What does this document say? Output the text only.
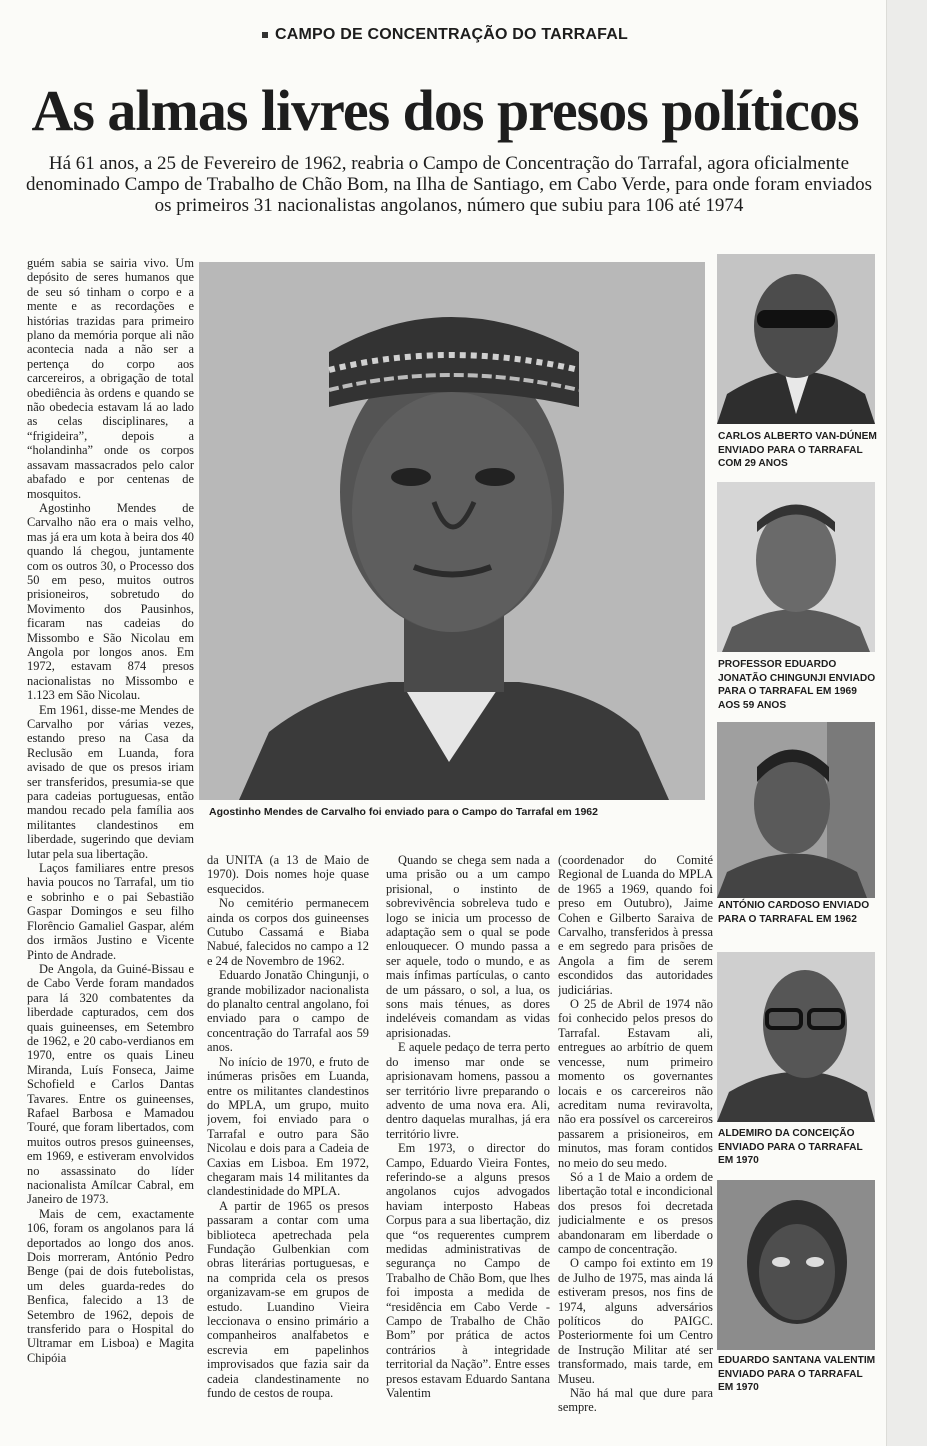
CAMPO DE CONCENTRAÇÃO DO TARRAFAL
As almas livres dos presos políticos
Há 61 anos, a 25 de Fevereiro de 1962, reabria o Campo de Concentração do Tarrafal, agora oficialmente denominado Campo de Trabalho de Chão Bom, na Ilha de Santiago, em Cabo Verde, para onde foram enviados os primeiros 31 nacionalistas angolanos, número que subiu para 106 até 1974

guém sabia se sairia vivo. Um depósito de seres humanos que de seu só tinham o corpo e a mente e as recordações e histórias trazidas para primeiro plano da memória porque ali não acontecia nada a não ser a pertença do corpo aos carcereiros, a obrigação de total obediência às ordens e quando se não obedecia estavam lá ao lado as celas disciplinares, a “frigideira”, depois a “holandinha” onde os corpos assavam massacrados pelo calor abafado e por centenas de mosquitos.

Agostinho Mendes de Carvalho não era o mais velho, mas já era um kota à beira dos 40 quando lá chegou, juntamente com os outros 30, o Processo dos 50 em peso, muitos outros prisioneiros, sobretudo do Movimento dos Pausinhos, ficaram nas cadeias do Missombo e São Nicolau em Angola por longos anos. Em 1972, estavam 874 presos nacionalistas no Missombo e 1.123 em São Nicolau.

Em 1961, disse-me Mendes de Carvalho por várias vezes, estando preso na Casa da Reclusão em Luanda, fora avisado de que os presos iriam ser transferidos, presumia-se que para cadeias portuguesas, então mandou recado pela família aos militantes clandestinos em liberdade, sugerindo que deviam lutar pela sua libertação.

Laços familiares entre presos havia poucos no Tarrafal, um tio e sobrinho e o pai Sebastião Gaspar Domingos e seu filho Florêncio Gamaliel Gaspar, além dos irmãos Justino e Vicente Pinto de Andrade.

De Angola, da Guiné-Bissau e de Cabo Verde foram mandados para lá 320 combatentes da liberdade capturados, cem dos quais guineenses, em Setembro de 1962, e 20 cabo-verdianos em 1970, entre os quais Lineu Miranda, Luís Fonseca, Jaime Schofield e Carlos Dantas Tavares. Entre os guineenses, Rafael Barbosa e Mamadou Touré, que foram libertados, com muitos outros presos guineenses, em 1969, e estiveram envolvidos no assassinato do líder nacionalista Amílcar Cabral, em Janeiro de 1973.

Mais de cem, exactamente 106, foram os angolanos para lá deportados ao longo dos anos. Dois morreram, António Pedro Benge (pai de dois futebolistas, um deles guarda-redes do Benfica, falecido a 13 de Setembro de 1962, depois de transferido para o Hospital do Ultramar em Lisboa) e Magita Chipóia

Agostinho Mendes de Carvalho foi enviado para o Campo do Tarrafal em 1962

da UNITA (a 13 de Maio de 1970). Dois nomes hoje quase esquecidos.

No cemitério permanecem ainda os corpos dos guineenses Cutubo Cassamá e Biaba Nabué, falecidos no campo a 12 e 24 de Novembro de 1962.

Eduardo Jonatão Chingunji, o grande mobilizador nacionalista do planalto central angolano, foi enviado para o campo de concentração do Tarrafal aos 59 anos.

No início de 1970, e fruto de inúmeras prisões em Luanda, entre os militantes clandestinos do MPLA, um grupo, muito jovem, foi enviado para o Tarrafal e outro para São Nicolau e dois para a Cadeia de Caxias em Lisboa. Em 1972, chegaram mais 14 militantes da clandestinidade do MPLA.

A partir de 1965 os presos passaram a contar com uma biblioteca apetrechada pela Fundação Gulbenkian com obras literárias portuguesas, e na comprida cela os presos organizavam-se em grupos de estudo. Luandino Vieira leccionava o ensino primário a companheiros analfabetos e escrevia em papelinhos improvisados que fazia sair da cadeia clandestinamente no fundo de cestos de roupa.

Quando se chega sem nada a uma prisão ou a um campo prisional, o instinto de sobrevivência sobreleva tudo e logo se inicia um processo de adaptação sem o qual se pode enlouquecer. O mundo passa a ser aquele, todo o mundo, e as mais ínfimas partículas, o canto de um pássaro, o sol, a lua, os sons mais ténues, as dores indeléveis comandam as vidas aprisionadas.

E aquele pedaço de terra perto do imenso mar onde se aprisionavam homens, passou a ser território livre preparando o advento de uma nova era. Ali, dentro daquelas muralhas, já era território livre.

Em 1973, o director do Campo, Eduardo Vieira Fontes, referindo-se a alguns presos angolanos cujos advogados haviam interposto Habeas Corpus para a sua libertação, diz que “os requerentes cumprem medidas administrativas de segurança no Campo de Trabalho de Chão Bom, que lhes foi imposta a medida de “residência em Cabo Verde - Campo de Trabalho de Chão Bom” por prática de actos contrários à integridade territorial da Nação”. Entre esses presos estavam Eduardo Santana Valentim

(coordenador do Comité Regional de Luanda do MPLA de 1965 a 1969, quando foi preso em Outubro), Jaime Cohen e Gilberto Saraiva de Carvalho, transferidos à pressa e em segredo para prisões de Angola a fim de serem escondidos das autoridades judiciárias.

O 25 de Abril de 1974 não foi conhecido pelos presos do Tarrafal. Estavam ali, entregues ao arbítrio de quem vencesse, num primeiro momento os governantes locais e os carcereiros não acreditam numa reviravolta, não era possível os carcereiros passarem a prisioneiros, em minutos, mas foram contidos no meio do seu medo.

Só a 1 de Maio a ordem de libertação total e incondicional dos presos foi decretada judicialmente e os presos abandonaram em liberdade o campo de concentração.

O campo foi extinto em 19 de Julho de 1975, mas ainda lá estiveram presos, nos fins de 1974, alguns adversários políticos do PAIGC. Posteriormente foi um Centro de Instrução Militar até ser transformado, mais tarde, em Museu.

Não há mal que dure para sempre.

CARLOS ALBERTO VAN-DÚNEM ENVIADO PARA O TARRAFAL COM 29 ANOS
PROFESSOR EDUARDO JONATÃO CHINGUNJI ENVIADO PARA O TARRAFAL EM 1969 AOS 59 ANOS
ANTÓNIO CARDOSO ENVIADO PARA O TARRAFAL EM 1962
ALDEMIRO DA CONCEIÇÃO ENVIADO PARA O TARRAFAL EM 1970
EDUARDO SANTANA VALENTIM ENVIADO PARA O TARRAFAL EM 1970
